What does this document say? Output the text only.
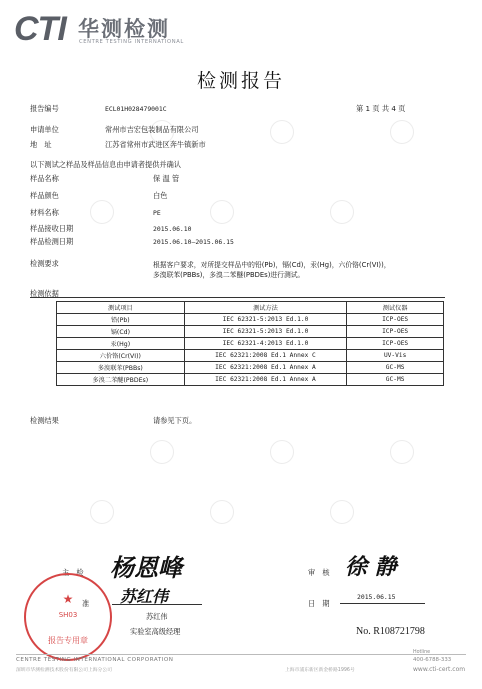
CTI 华测检测
CENTRE TESTING INTERNATIONAL
检测报告
报告编号	ECL01H028479001C	第 1 页 共 4 页
申请单位	常州市吉宏包装制品有限公司
地　址	江苏省常州市武进区奔牛镇新市
以下测试之样品及样品信息由申请者提供并确认
样品名称	保 温 管
样品颜色	白色
材料名称	PE
样品接收日期	2015.06.10
样品检测日期	2015.06.10—2015.06.15
检测要求	根据客户要求，对所提交样品中的铅(Pb)，镉(Cd)，汞(Hg)，六价铬(Cr(VI))，
多溴联苯(PBBs)，多溴二苯醚(PBDEs)进行测试。
检测依据
测试项目	测试方法	测试仪器
铅(Pb)	IEC 62321-5:2013 Ed.1.0	ICP-OES
镉(Cd)	IEC 62321-5:2013 Ed.1.0	ICP-OES
汞(Hg)	IEC 62321-4:2013 Ed.1.0	ICP-OES
六价铬(Cr(VI))	IEC 62321:2008 Ed.1 Annex C	UV-Vis
多溴联苯(PBBs)	IEC 62321:2008 Ed.1 Annex A	GC-MS
多溴二苯醚(PBDEs)	IEC 62321:2008 Ed.1 Annex A	GC-MS
检测结果	请参见下页。
主　检 杨恩峰
准 苏红伟
苏红伟
实验室高级经理
审　核 徐 静
日　期
2015.06.15
★
SH03
报告专用章
No. R108721798
CENTRE TESTING INTERNATIONAL CORPORATION
深圳市华测检测技术股份有限公司上海分公司	上海市浦东新区新金桥路1996号
Hotline
400-6788-333
www.cti-cert.com
